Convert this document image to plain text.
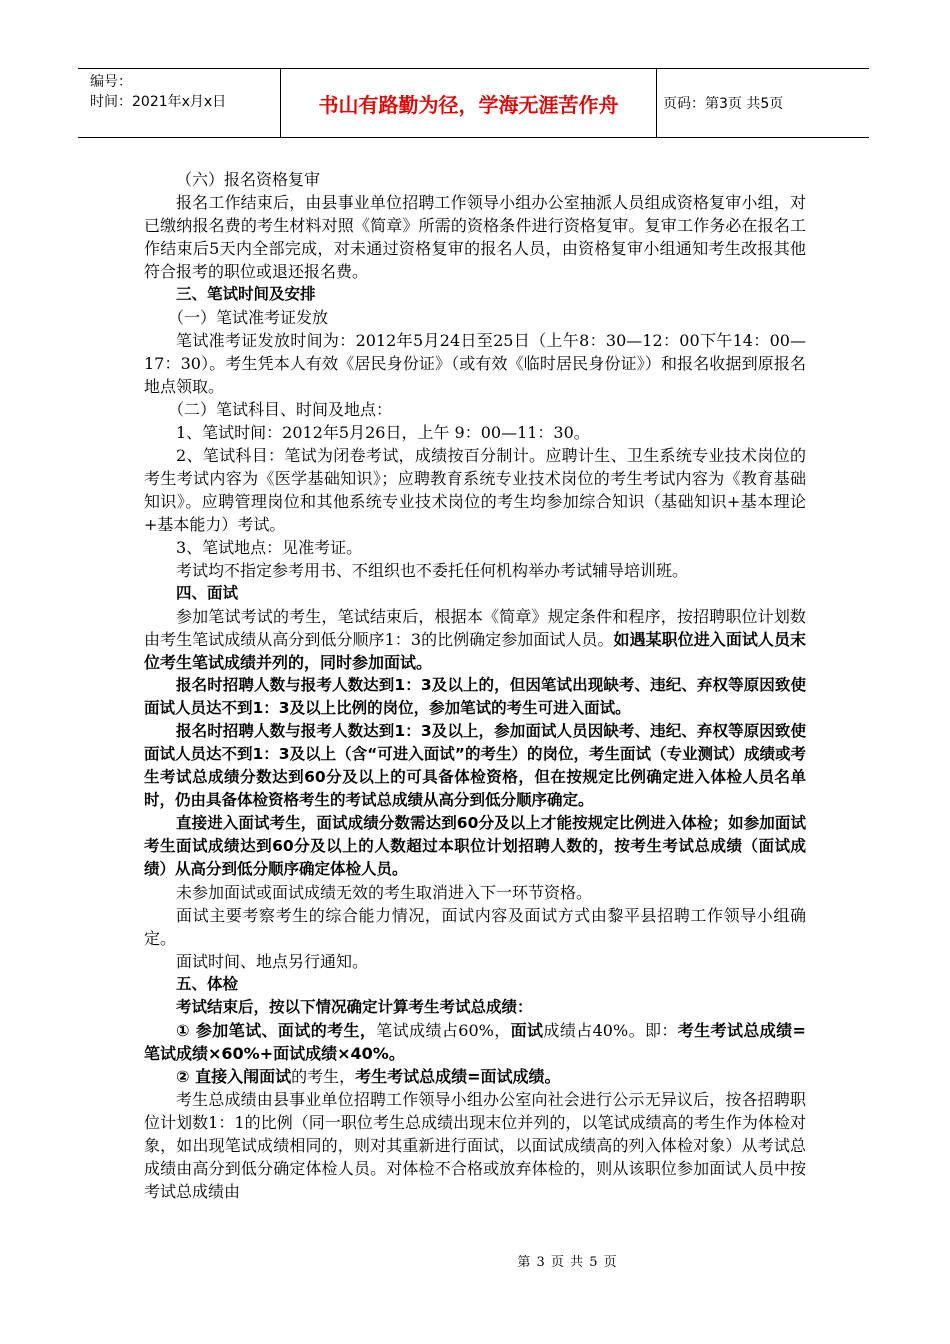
编号：
时间：2021年x月x日	书山有路勤为径，学海无涯苦作舟	页码：第3页 共5页

（六）报名资格复审

报名工作结束后，由县事业单位招聘工作领导小组办公室抽派人员组成资格复审小组，对已缴纳报名费的考生材料对照《简章》所需的资格条件进行资格复审。复审工作务必在报名工作结束后5天内全部完成，对未通过资格复审的报名人员，由资格复审小组通知考生改报其他符合报考的职位或退还报名费。

三、笔试时间及安排

（一）笔试准考证发放

笔试准考证发放时间为：2012年5月24日至25日（上午8：30—12：00下午14：00—17：30）。考生凭本人有效《居民身份证》（或有效《临时居民身份证》）和报名收据到原报名地点领取。

（二）笔试科目、时间及地点：

1、笔试时间：2012年5月26日，上午 9：00—11：30。

2、笔试科目：笔试为闭卷考试，成绩按百分制计。应聘计生、卫生系统专业技术岗位的考生考试内容为《医学基础知识》；应聘教育系统专业技术岗位的考生考试内容为《教育基础知识》。应聘管理岗位和其他系统专业技术岗位的考生均参加综合知识（基础知识+基本理论+基本能力）考试。

3、笔试地点：见准考证。

考试均不指定参考用书、不组织也不委托任何机构举办考试辅导培训班。

四、面试

参加笔试考试的考生，笔试结束后，根据本《简章》规定条件和程序，按招聘职位计划数由考生笔试成绩从高分到低分顺序1：3的比例确定参加面试人员。如遇某职位进入面试人员末位考生笔试成绩并列的，同时参加面试。

报名时招聘人数与报考人数达到1：3及以上的，但因笔试出现缺考、违纪、弃权等原因致使面试人员达不到1：3及以上比例的岗位，参加笔试的考生可进入面试。

报名时招聘人数与报考人数达到1：3及以上，参加面试人员因缺考、违纪、弃权等原因致使面试人员达不到1：3及以上（含“可进入面试”的考生）的岗位，考生面试（专业测试）成绩或考生考试总成绩分数达到60分及以上的可具备体检资格，但在按规定比例确定进入体检人员名单时，仍由具备体检资格考生的考试总成绩从高分到低分顺序确定。

直接进入面试考生，面试成绩分数需达到60分及以上才能按规定比例进入体检；如参加面试考生面试成绩达到60分及以上的人数超过本职位计划招聘人数的，按考生考试总成绩（面试成绩）从高分到低分顺序确定体检人员。

未参加面试或面试成绩无效的考生取消进入下一环节资格。

面试主要考察考生的综合能力情况，面试内容及面试方式由黎平县招聘工作领导小组确定。

面试时间、地点另行通知。

五、体检

考试结束后，按以下情况确定计算考生考试总成绩：

① 参加笔试、面试的考生，笔试成绩占60%，面试成绩占40%。即：考生考试总成绩=笔试成绩×60%+面试成绩×40%。

② 直接入闱面试的考生，考生考试总成绩=面试成绩。

考生总成绩由县事业单位招聘工作领导小组办公室向社会进行公示无异议后，按各招聘职位计划数1：1的比例（同一职位考生总成绩出现末位并列的，以笔试成绩高的考生作为体检对象，如出现笔试成绩相同的，则对其重新进行面试，以面试成绩高的列入体检对象）从考试总成绩由高分到低分确定体检人员。对体检不合格或放弃体检的，则从该职位参加面试人员中按考试总成绩由

第 3 页 共 5 页
